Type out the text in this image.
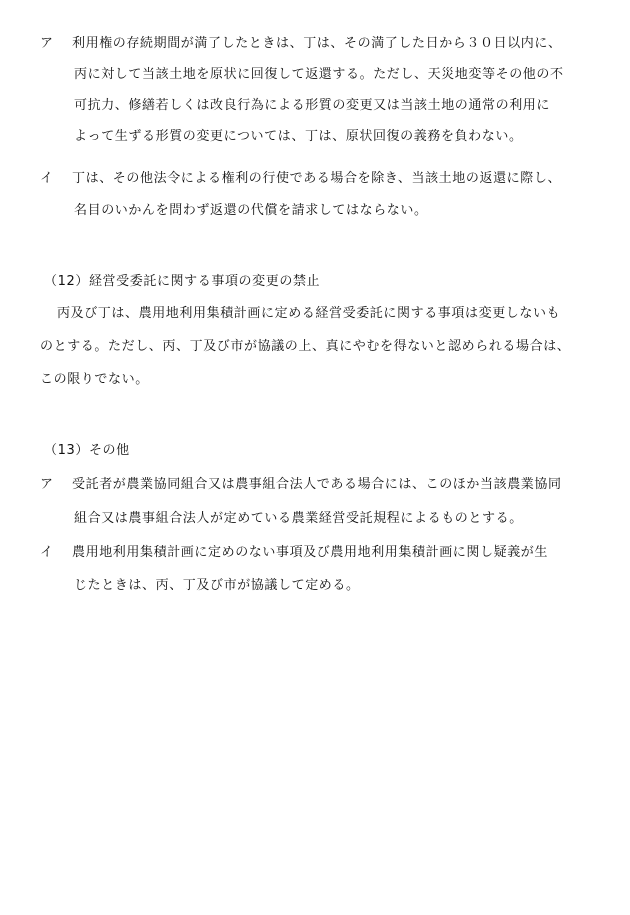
ア	利用権の存続期間が満了したときは、丁は、その満了した日から３０日以内に、
丙に対して当該土地を原状に回復して返還する。ただし、天災地変等その他の不
可抗力、修繕若しくは改良行為による形質の変更又は当該土地の通常の利用に
よって生ずる形質の変更については、丁は、原状回復の義務を負わない。
イ	丁は、その他法令による権利の行使である場合を除き、当該土地の返還に際し、
名目のいかんを問わず返還の代償を請求してはならない。
（12）経営受委託に関する事項の変更の禁止
丙及び丁は、農用地利用集積計画に定める経営受委託に関する事項は変更しないも
のとする。ただし、丙、丁及び市が協議の上、真にやむを得ないと認められる場合は、
この限りでない。
（13）その他
ア	受託者が農業協同組合又は農事組合法人である場合には、このほか当該農業協同
組合又は農事組合法人が定めている農業経営受託規程によるものとする。
イ	農用地利用集積計画に定めのない事項及び農用地利用集積計画に関し疑義が生
じたときは、丙、丁及び市が協議して定める。
